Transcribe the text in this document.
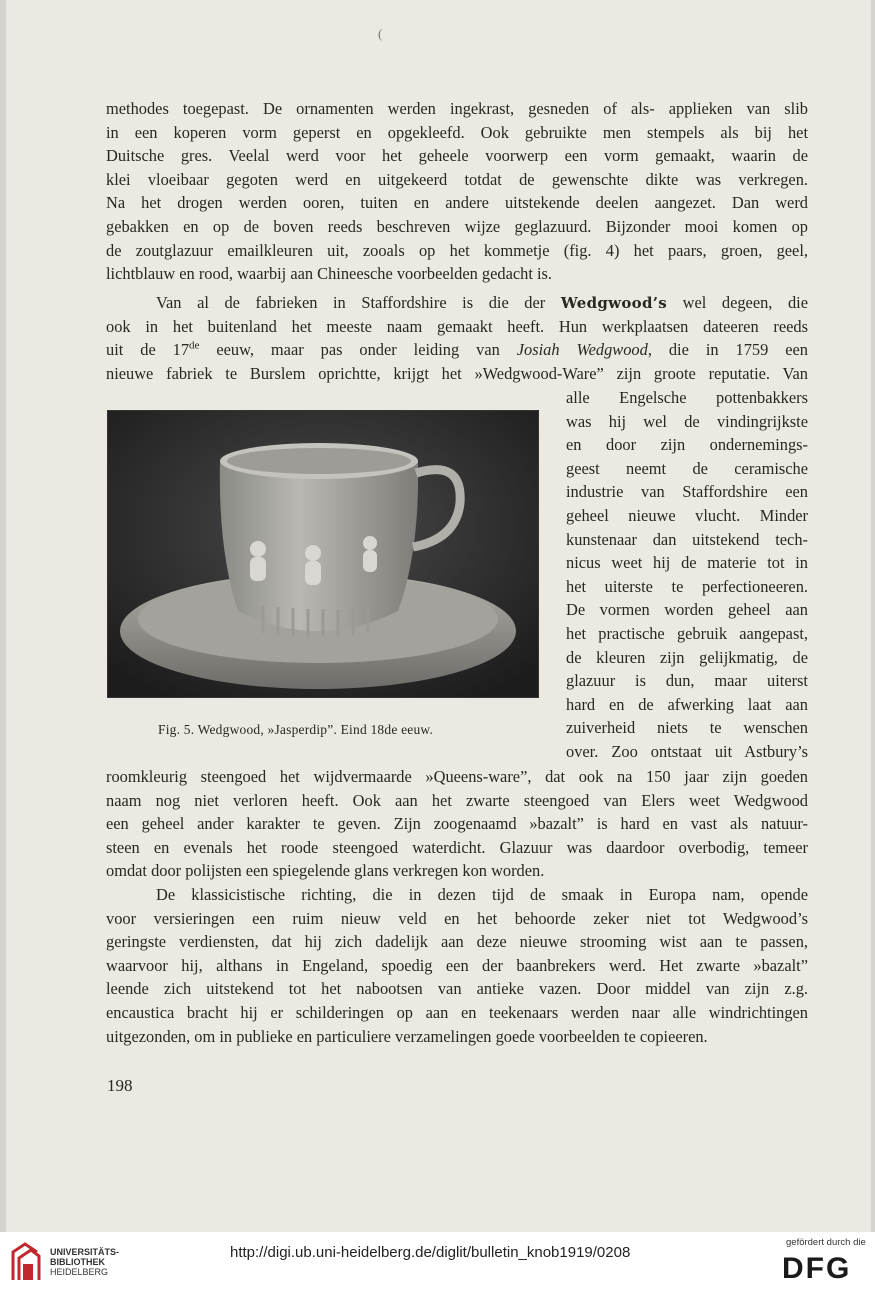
(
methodes toegepast. De ornamenten werden ingekrast, gesneden of als- applieken van slib
in een koperen vorm geperst en opgekleefd. Ook gebruikte men stempels als bij het
Duitsche gres. Veelal werd voor het geheele voorwerp een vorm gemaakt, waarin de
klei vloeibaar gegoten werd en uitgekeerd totdat de gewenschte dikte was verkregen.
Na het drogen werden ooren, tuiten en andere uitstekende deelen aangezet. Dan werd
gebakken en op de boven reeds beschreven wijze geglazuurd. Bijzonder mooi komen op
de zoutglazuur emailkleuren uit, zooals op het kommetje (fig. 4) het paars, groen, geel,
lichtblauw en rood, waarbij aan Chineesche voorbeelden gedacht is.
Van al de fabrieken in Staffordshire is die der Wedgwood’s wel degeen, die
ook in het buitenland het meeste naam gemaakt heeft. Hun werkplaatsen dateeren reeds
uit de 17de eeuw, maar pas onder leiding van Josiah Wedgwood, die in 1759 een
nieuwe fabriek te Burslem oprichtte, krijgt het »Wedgwood-Ware” zijn groote reputatie. Van
Fig. 5. Wedgwood, »Jasperdip”. Eind 18de eeuw.
alle Engelsche pottenbakkers
was hij wel de vindingrijkste
en door zijn ondernemings-
geest neemt de ceramische
industrie van Staffordshire een
geheel nieuwe vlucht. Minder
kunstenaar dan uitstekend tech-
nicus weet hij de materie tot in
het uiterste te perfectioneeren.
De vormen worden geheel aan
het practische gebruik aangepast,
de kleuren zijn gelijkmatig, de
glazuur is dun, maar uiterst
hard en de afwerking laat aan
zuiverheid niets te wenschen
over. Zoo ontstaat uit Astbury’s
roomkleurig steengoed het wijdvermaarde »Queens-ware”, dat ook na 150 jaar zijn goeden
naam nog niet verloren heeft. Ook aan het zwarte steengoed van Elers weet Wedgwood
een geheel ander karakter te geven. Zijn zoogenaamd »bazalt” is hard en vast als natuur-
steen en evenals het roode steengoed waterdicht. Glazuur was daardoor overbodig, temeer
omdat door polijsten een spiegelende glans verkregen kon worden.
De klassicistische richting, die in dezen tijd de smaak in Europa nam, opende
voor versieringen een ruim nieuw veld en het behoorde zeker niet tot Wedgwood’s
geringste verdiensten, dat hij zich dadelijk aan deze nieuwe strooming wist aan te passen,
waarvoor hij, althans in Engeland, spoedig een der baanbrekers werd. Het zwarte »bazalt”
leende zich uitstekend tot het nabootsen van antieke vazen. Door middel van zijn z.g.
encaustica bracht hij er schilderingen op aan en teekenaars werden naar alle windrichtingen
uitgezonden, om in publieke en particuliere verzamelingen goede voorbeelden te copieeren.
198
UNIVERSITÄTS-
BIBLIOTHEK
HEIDELBERG
http://digi.ub.uni-heidelberg.de/diglit/bulletin_knob1919/0208
gefördert durch die
DFG
